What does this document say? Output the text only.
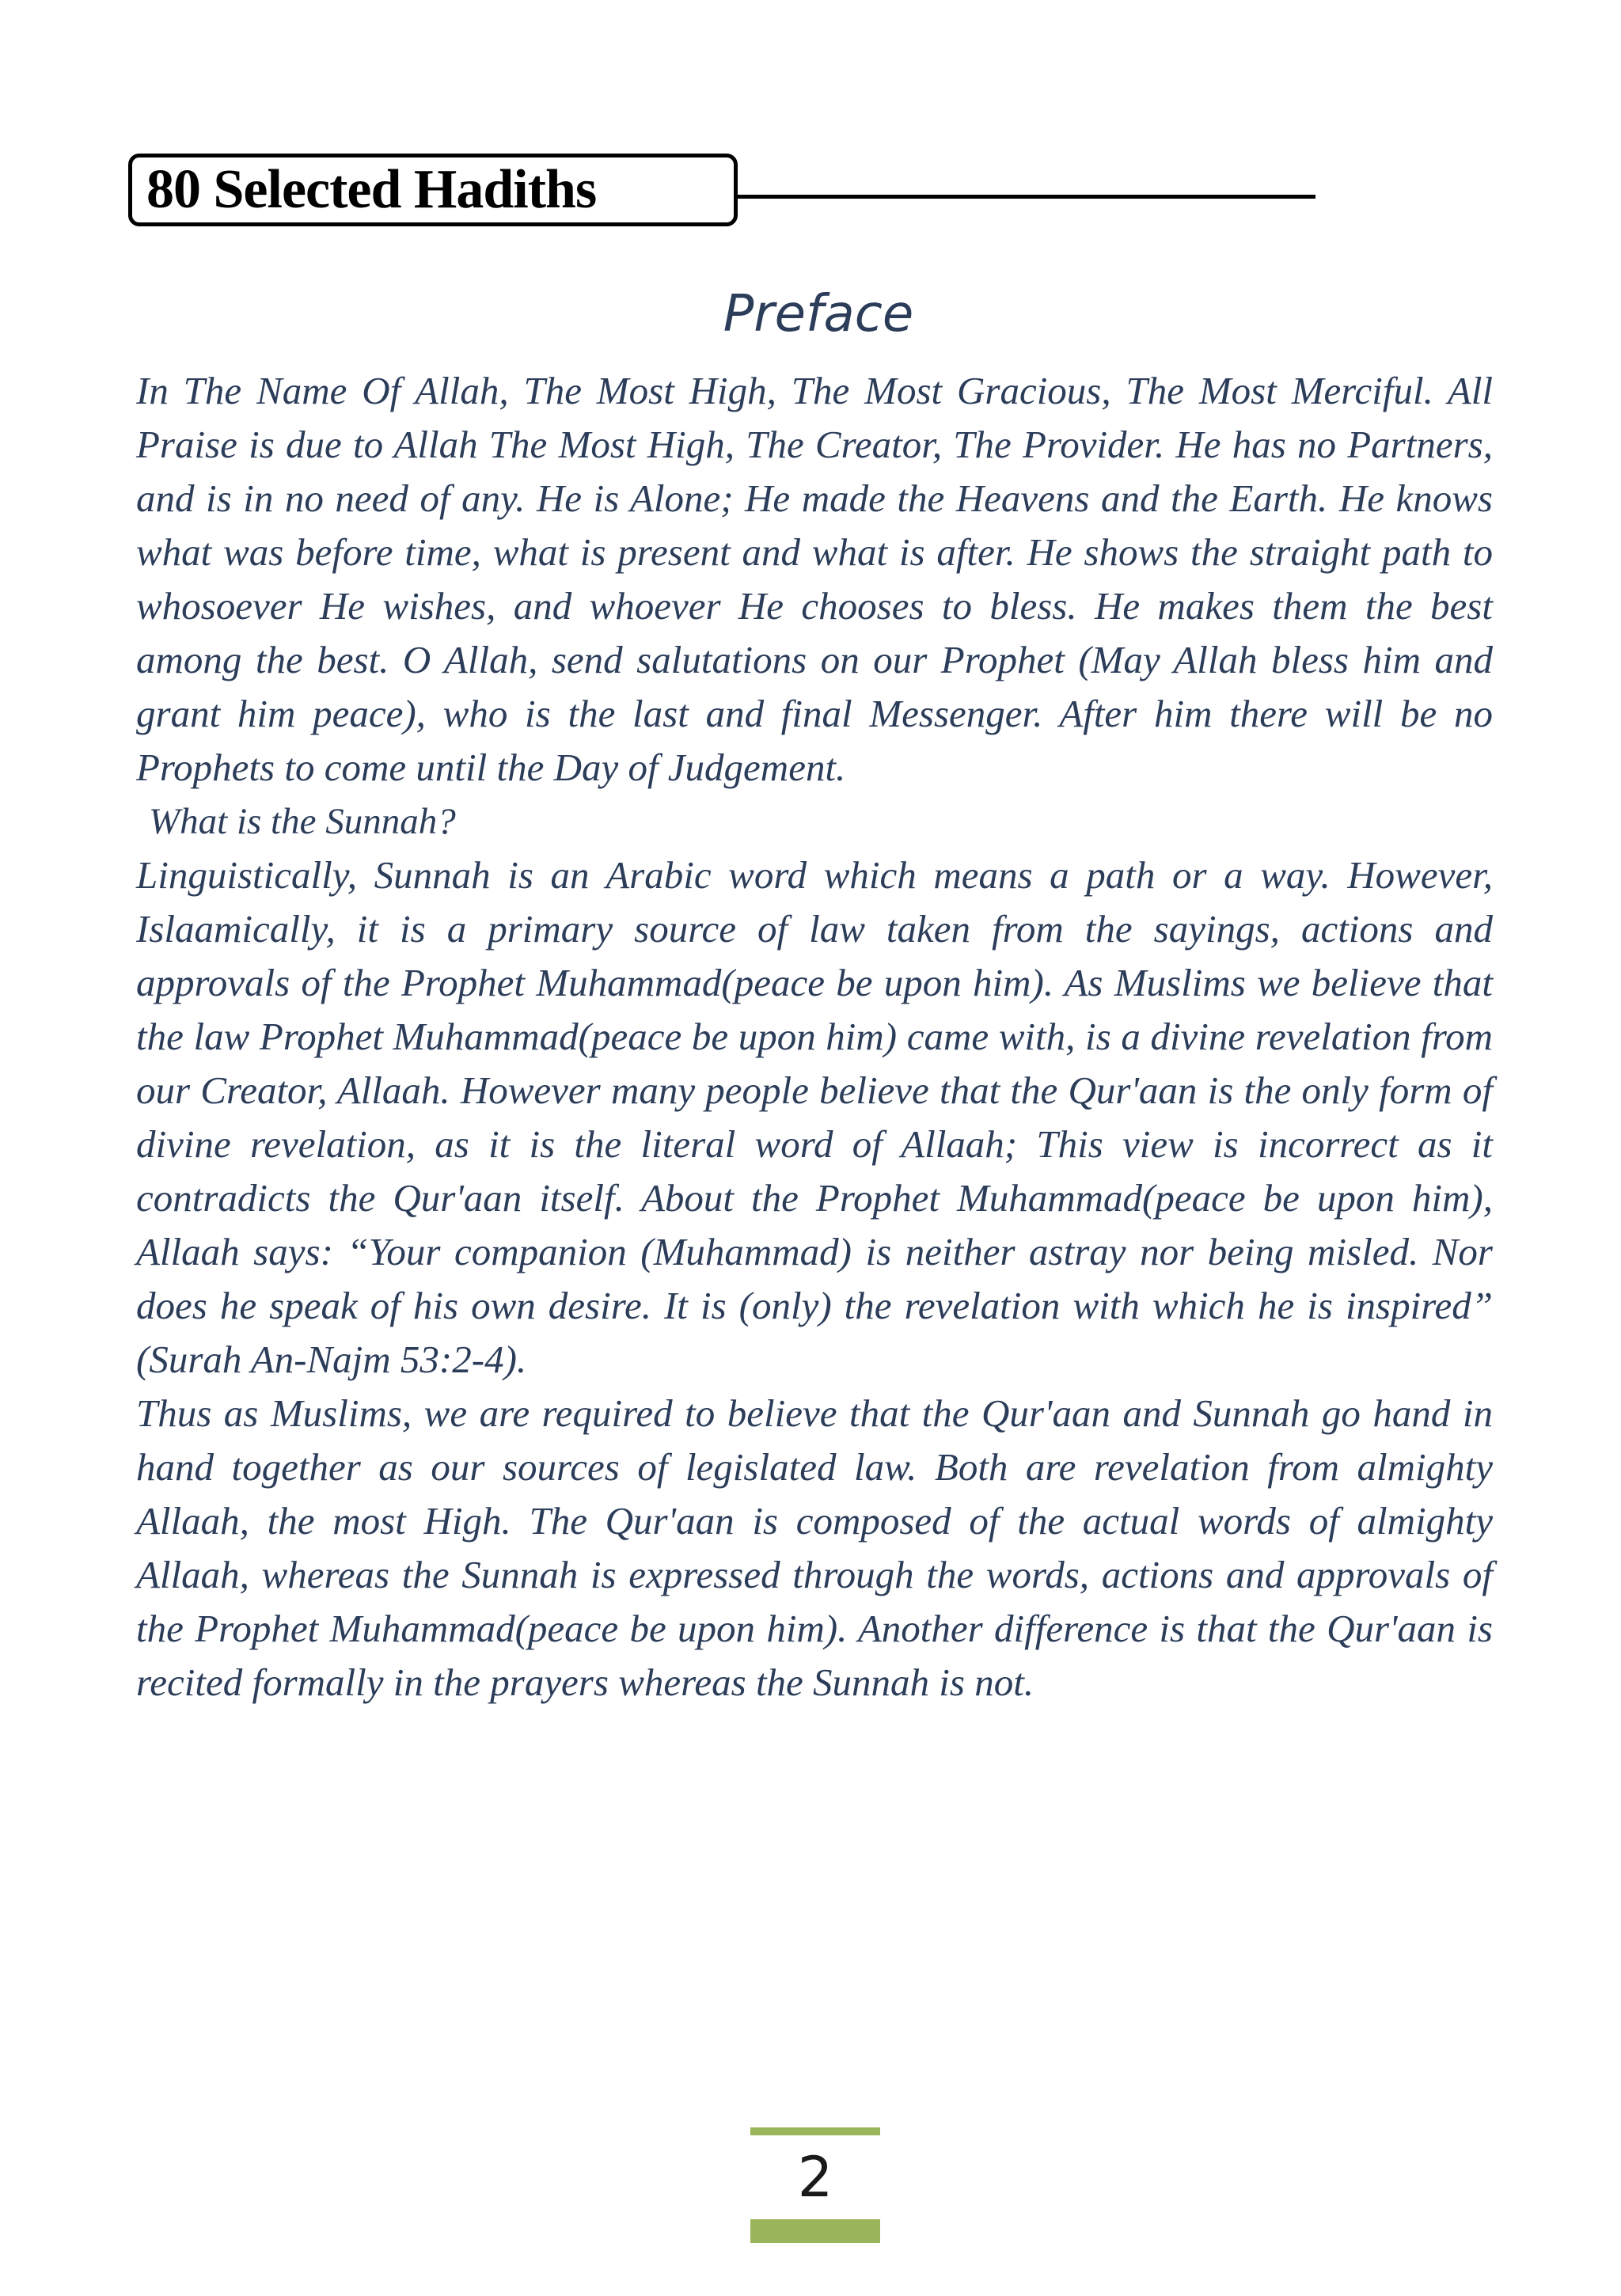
80 Selected Hadiths
Preface

In The Name Of Allah, The Most High, The Most Gracious, The Most Merciful. All Praise is due to Allah The Most High, The Creator, The Provider. He has no Partners, and is in no need of any. He is Alone; He made the Heavens and the Earth. He knows what was before time, what is present and what is after. He shows the straight path to whosoever He wishes, and whoever He chooses to bless. He makes them the best among the best. O Allah, send salutations on our Prophet (May Allah bless him and grant him peace), who is the last and final Messenger. After him there will be no Prophets to come until the Day of Judgement.

What is the Sunnah?

Linguistically, Sunnah is an Arabic word which means a path or a way. However, Islaamically, it is a primary source of law taken from the sayings, actions and approvals of the Prophet Muhammad(peace be upon him). As Muslims we believe that the law Prophet Muhammad(peace be upon him) came with, is a divine revelation from our Creator, Allaah. However many people believe that the Qur'aan is the only form of divine revelation, as it is the literal word of Allaah; This view is incorrect as it contradicts the Qur'aan itself. About the Prophet Muhammad(peace be upon him), Allaah says: “Your companion (Muhammad) is neither astray nor being misled. Nor does he speak of his own desire. It is (only) the revelation with which he is inspired” (Surah An-Najm 53:2-4).

Thus as Muslims, we are required to believe that the Qur'aan and Sunnah go hand in hand together as our sources of legislated law. Both are revelation from almighty Allaah, the most High. The Qur'aan is composed of the actual words of almighty Allaah, whereas the Sunnah is expressed through the words, actions and approvals of the Prophet Muhammad(peace be upon him). Another difference is that the Qur'aan is recited formally in the prayers whereas the Sunnah is not.

2
